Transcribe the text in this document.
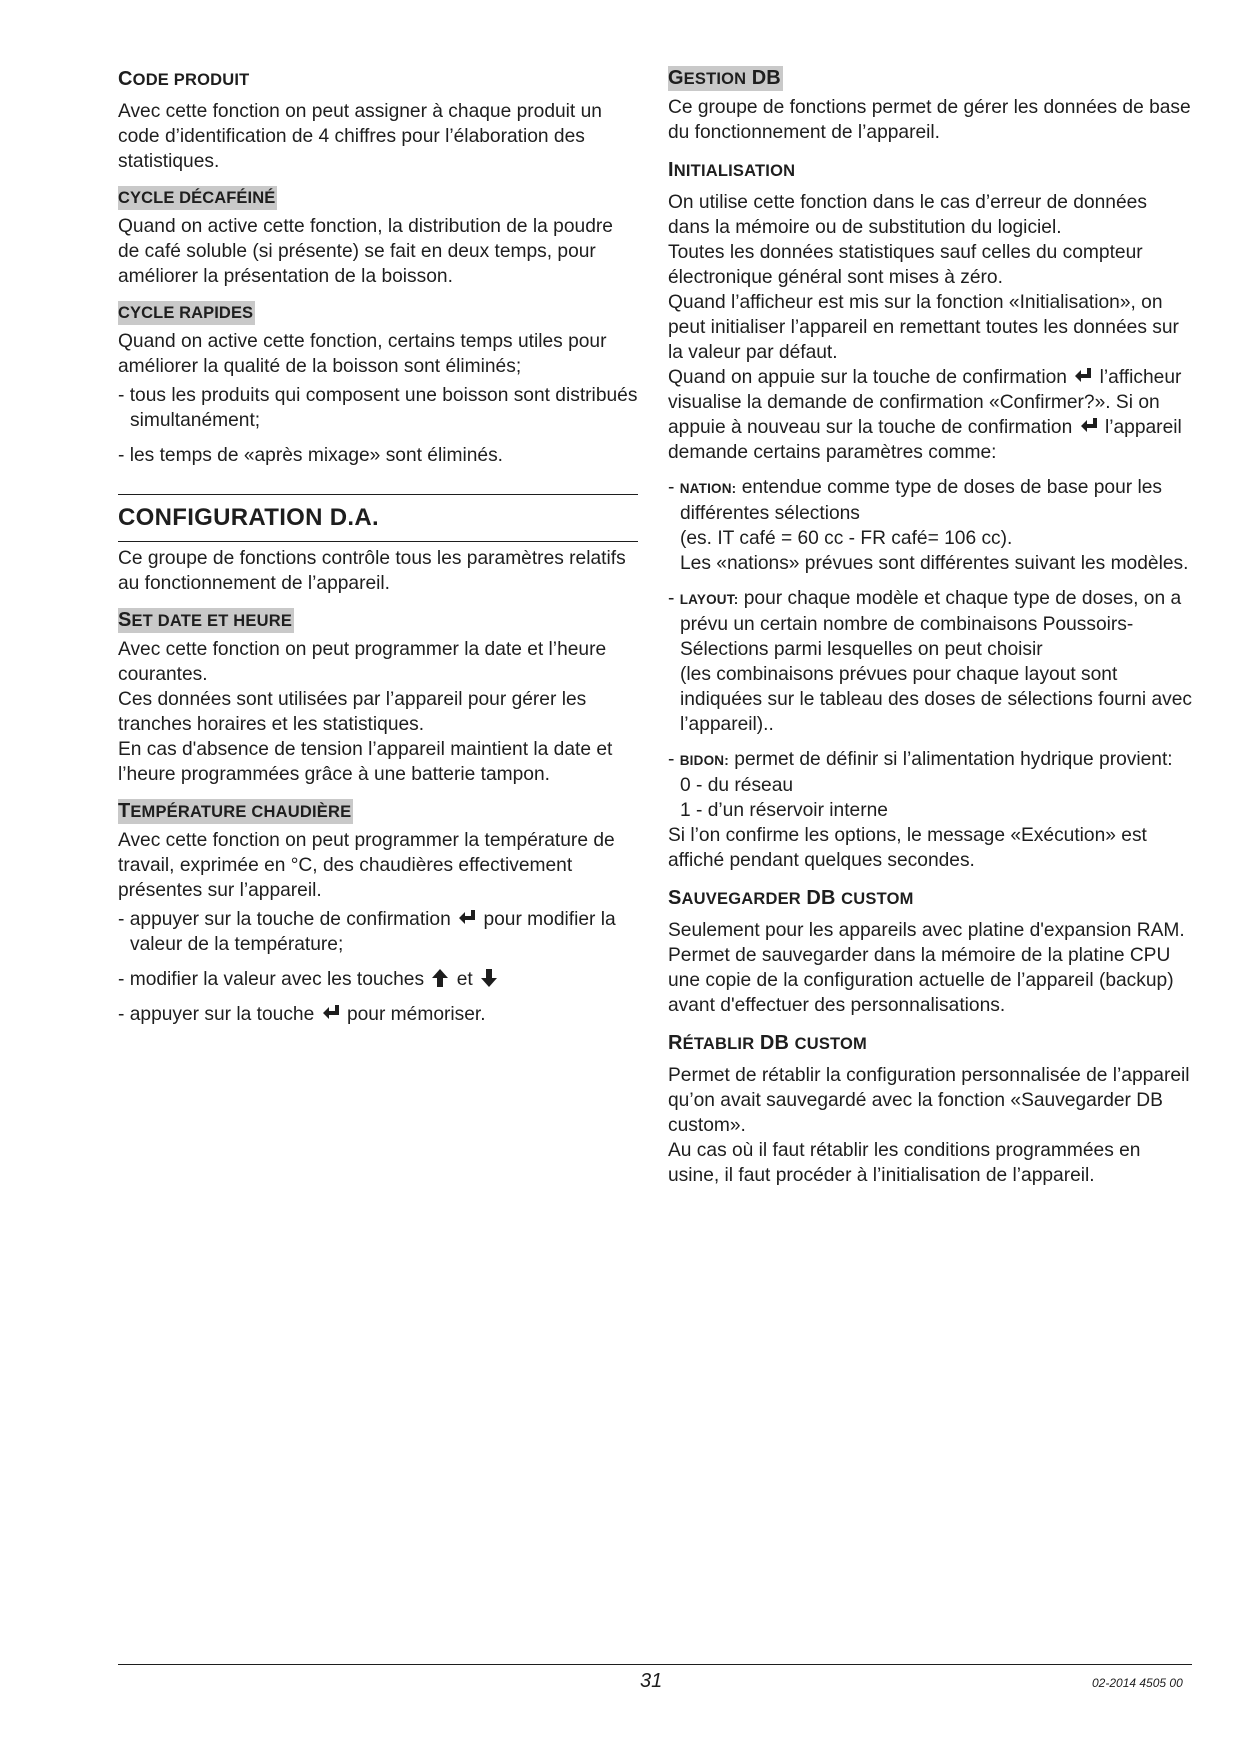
CODE PRODUIT

Avec cette fonction on peut assigner à chaque produit un code d’identification de 4 chiffres pour l’élaboration des statistiques.

CYCLE DÉCAFÉINÉ

Quand on active cette fonction, la distribution de la poudre de café soluble (si présente) se fait en deux temps, pour améliorer la présentation de la boisson.

CYCLE RAPIDES

Quand on active cette fonction, certains temps utiles pour améliorer la qualité de la boisson sont éliminés;

- tous les produits qui composent une boisson sont distribués simultanément;

- les temps de «après mixage» sont éliminés.

CONFIGURATION D.A.

Ce groupe de fonctions contrôle tous les paramètres relatifs au fonctionnement de l’appareil.

SET DATE ET HEURE

Avec cette fonction on peut programmer la date et l’heure courantes.

Ces données sont utilisées par l’appareil pour gérer les tranches horaires et les statistiques.

En cas d'absence de tension l’appareil maintient la date et l’heure programmées grâce à une batterie tampon.

TEMPÉRATURE CHAUDIÈRE

Avec cette fonction on peut programmer la température de travail, exprimée en °C, des chaudières effectivement présentes sur l’appareil.

- appuyer sur la touche de confirmation pour modifier la valeur de la température;

- modifier la valeur avec les touches et

- appuyer sur la touche pour mémoriser.

GESTION DB

Ce groupe de fonctions permet de gérer les données de base du fonctionnement de l’appareil.

INITIALISATION

On utilise cette fonction dans le cas d’erreur de données dans la mémoire ou de substitution du logiciel.

Toutes les données statistiques sauf celles du compteur électronique général sont mises à zéro.

Quand l’afficheur est mis sur la fonction «Initialisation», on peut initialiser l’appareil en remettant toutes les données sur la valeur par défaut.

Quand on appuie sur la touche de confirmation l’afficheur visualise la demande de confirmation «Confirmer?». Si on appuie à nouveau sur la touche de confirmation l’appareil demande certains paramètres comme:

- NATION: entendue comme type de doses de base pour les différentes sélections

(es. IT café = 60 cc - FR café= 106 cc).

Les «nations» prévues sont différentes suivant les modèles.

- LAYOUT: pour chaque modèle et chaque type de doses, on a prévu un certain nombre de combinaisons Poussoirs-Sélections parmi lesquelles on peut choisir

(les combinaisons prévues pour chaque layout sont indiquées sur le tableau des doses de sélections fourni avec l’appareil)..

- BIDON: permet de définir si l’alimentation hydrique provient:

0 - du réseau

1 - d’un réservoir interne

Si l’on confirme les options, le message «Exécution» est affiché pendant quelques secondes.

SAUVEGARDER DB CUSTOM

Seulement pour les appareils avec platine d'expansion RAM.

Permet de sauvegarder dans la mémoire de la platine CPU une copie de la configuration actuelle de l’appareil (backup) avant d'effectuer des personnalisations.

RÉTABLIR DB CUSTOM

Permet de rétablir la configuration personnalisée de l’appareil qu’on avait sauvegardé avec la fonction «Sauvegarder DB custom».

Au cas où il faut rétablir les conditions programmées en usine, il faut procéder à l’initialisation de l’appareil.

31	02-2014 4505 00
